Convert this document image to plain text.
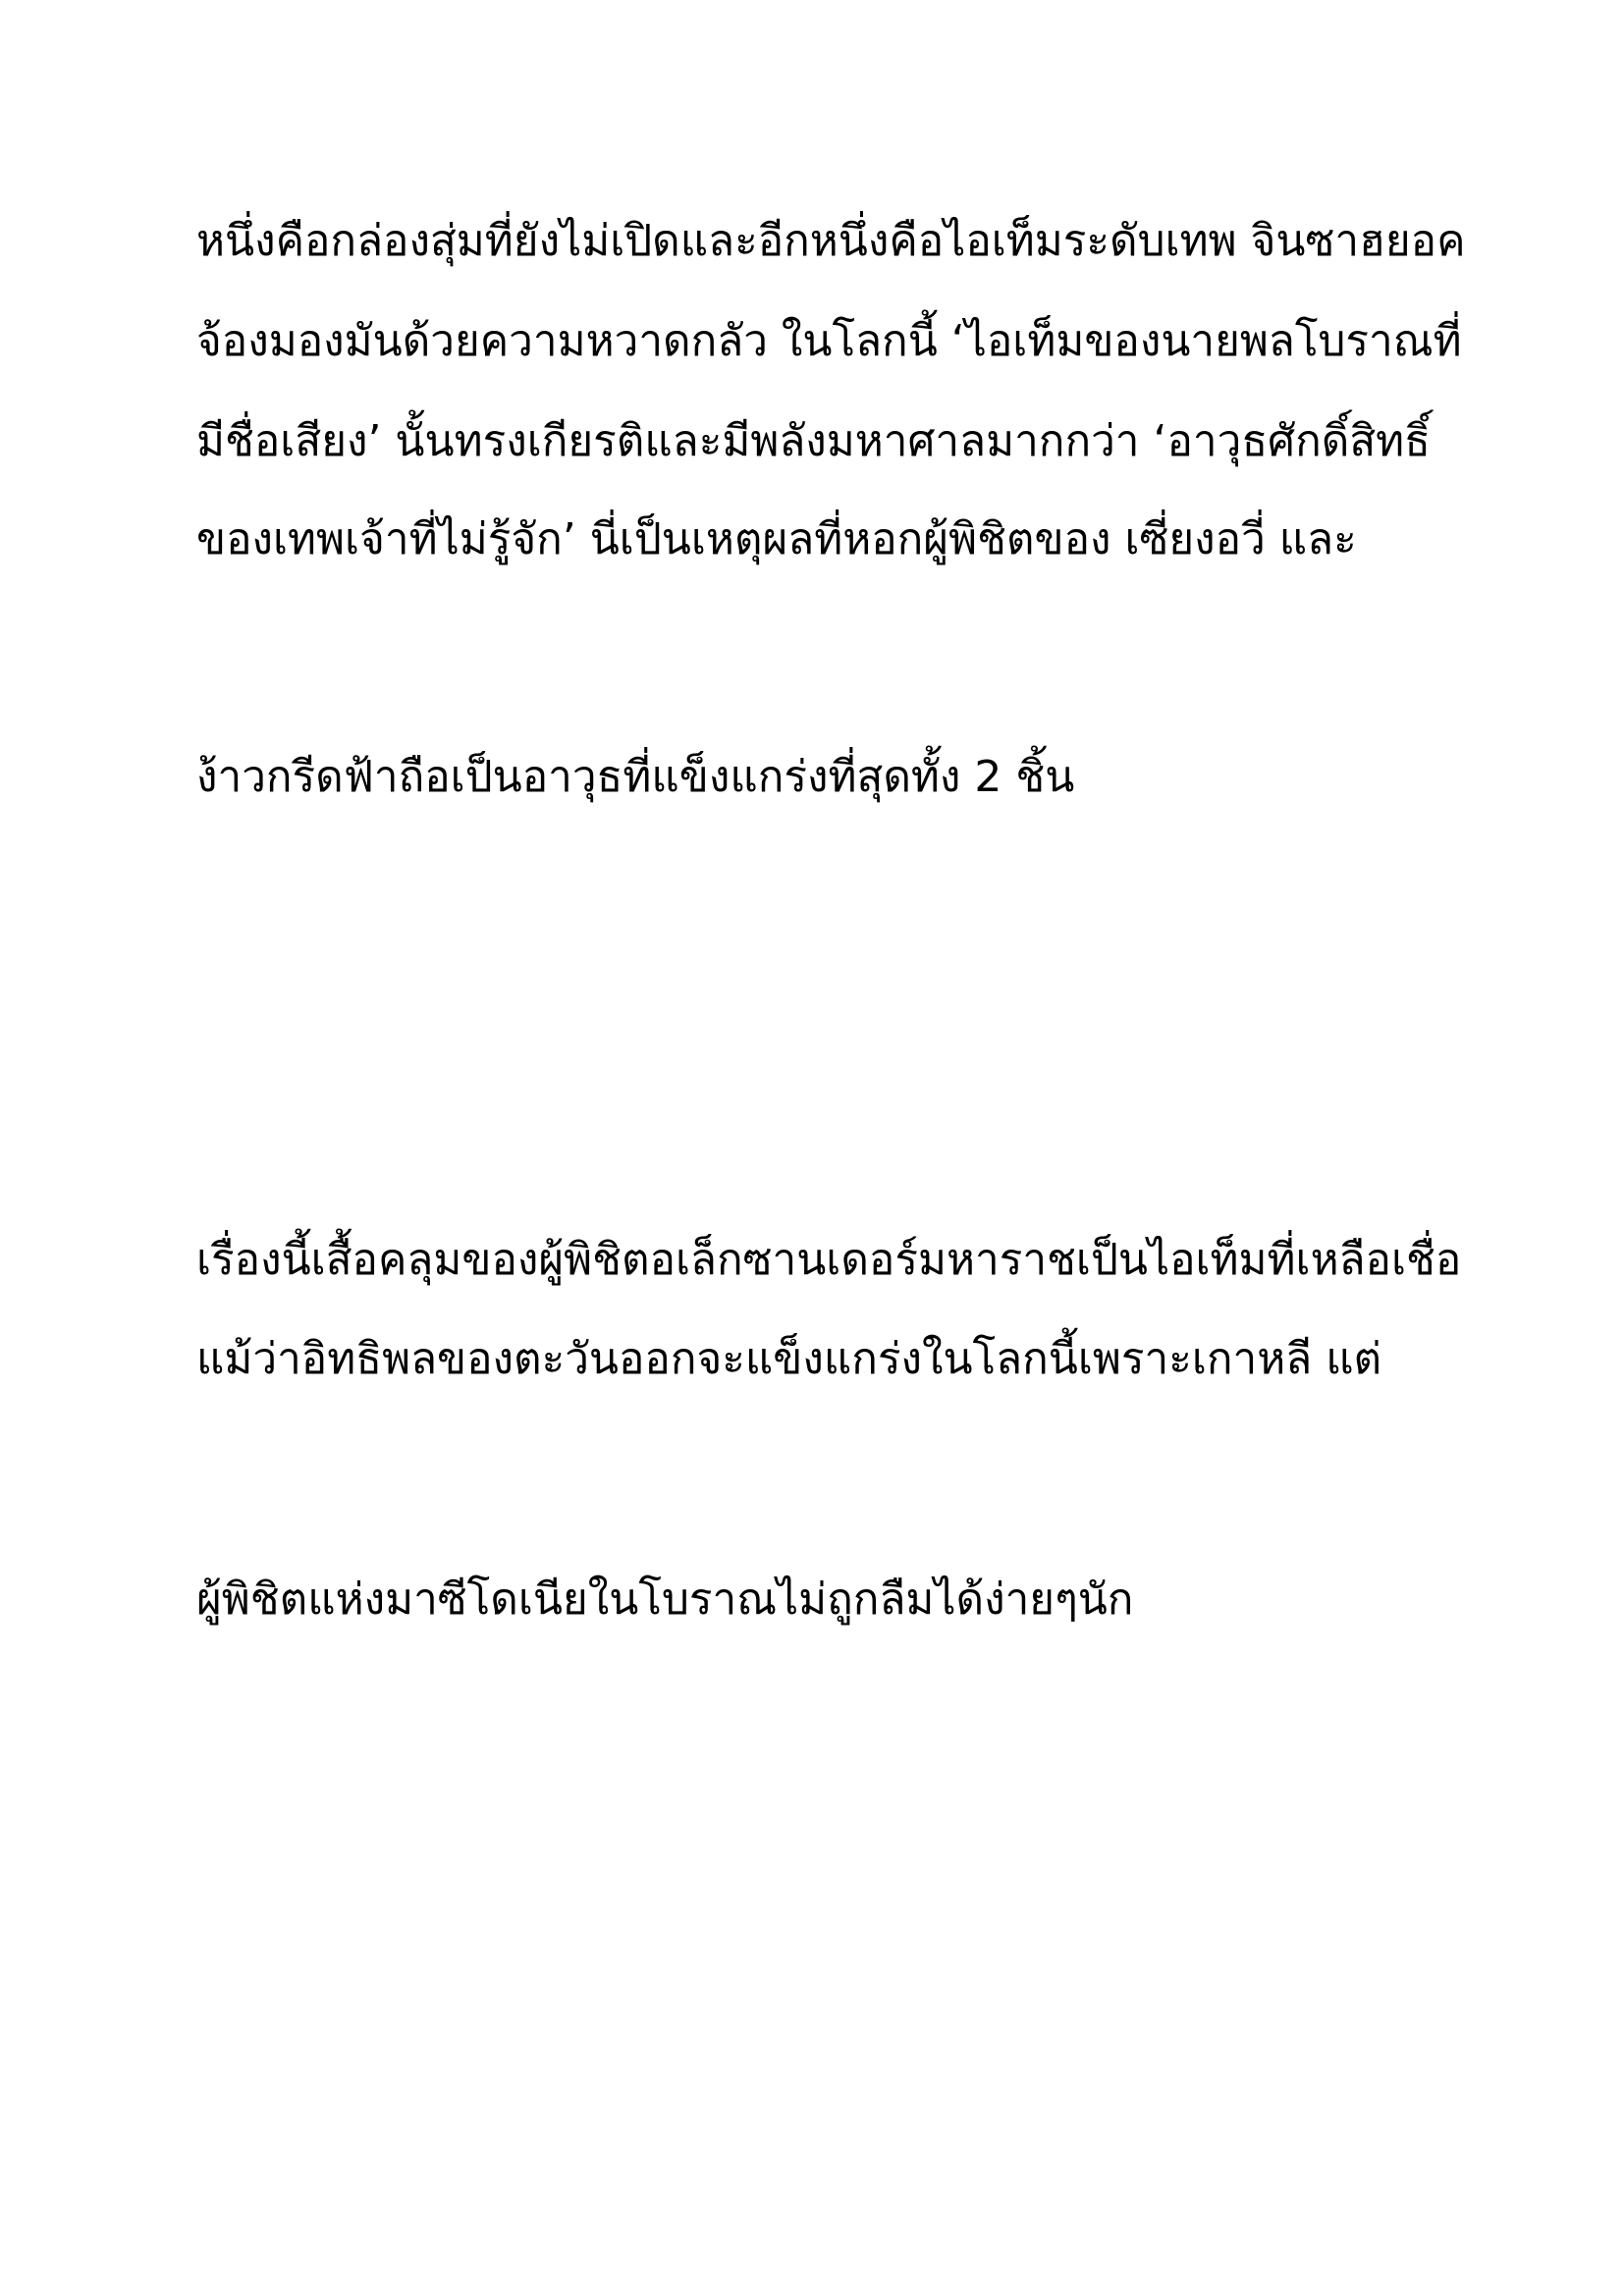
หนึ่งคือกล่องสุ่มที่ยังไม่เปิดและอีกหนึ่งคือไอเท็มระดับเทพ จินซาฮยอค

จ้องมองมันด้วยความหวาดกลัว ในโลกนี้ ‘ไอเท็มของนายพลโบราณที่

มีชื่อเสียง’ นั้นทรงเกียรติและมีพลังมหาศาลมากกว่า ‘อาวุธศักดิ์สิทธิ์

ของเทพเจ้าที่ไม่รู้จัก’ นี่เป็นเหตุผลที่หอกผู้พิชิตของ เซี่ยงอวี่ และ

ง้าวกรีดฟ้าถือเป็นอาวุธที่แข็งแกร่งที่สุดทั้ง 2 ชิ้น

เรื่องนี้เสื้อคลุมของผู้พิชิตอเล็กซานเดอร์มหาราชเป็นไอเท็มที่เหลือเชื่อ

แม้ว่าอิทธิพลของตะวันออกจะแข็งแกร่งในโลกนี้เพราะเกาหลี แต่

ผู้พิชิตแห่งมาซีโดเนียในโบราณไม่ถูกลืมได้ง่ายๆนัก
